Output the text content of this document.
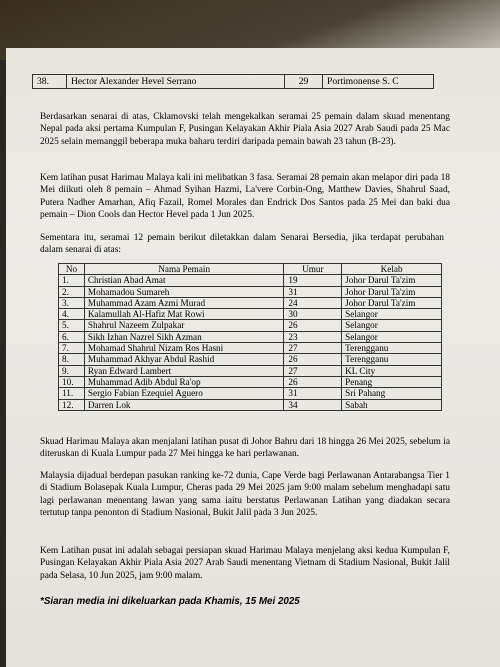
38.	Hector Alexander Hevel Serrano	29	Portimonense S. C

Berdasarkan senarai di atas, Cklamovski telah mengekalkan seramai 25 pemain dalam skuad menentang Nepal pada aksi pertama Kumpulan F, Pusingan Kelayakan Akhir Piala Asia 2027 Arab Saudi pada 25 Mac 2025 selain memanggil beberapa muka baharu terdiri daripada pemain bawah 23 tahun (B-23).

Kem latihan pusat Harimau Malaya kali ini melibatkan 3 fasa. Seramai 28 pemain akan melapor diri pada 18 Mei diikuti oleh 8 pemain – Ahmad Syihan Hazmi, La'vere Corbin-Ong, Matthew Davies, Shahrul Saad, Putera Nadher Amarhan, Afiq Fazail, Romel Morales dan Endrick Dos Santos pada 25 Mei dan baki dua pemain – Dion Cools dan Hector Hevel pada 1 Jun 2025.

Sementara itu, seramai 12 pemain berikut diletakkan dalam Senarai Bersedia, jika terdapat perubahan dalam senarai di atas:

No	Nama Pemain	Umur	Kelab
1.	Christian Abad Amat	19	Johor Darul Ta'zim
2.	Mohamadou Sumareh	31	Johor Darul Ta'zim
3.	Muhammad Azam Azmi Murad	24	Johor Darul Ta'zim
4.	Kalamullah Al-Hafiz Mat Rowi	30	Selangor
5.	Shahrul Nazeem Zulpakar	26	Selangor
6.	Sikh Izhan Nazrel Sikh Azman	23	Selangor
7.	Mohamad Shahrul Nizam Ros Hasni	27	Terengganu
8.	Muhammad Akhyar Abdul Rashid	26	Terengganu
9.	Ryan Edward Lambert	27	KL City
10.	Muhammad Adib Abdul Ra'op	26	Penang
11.	Sergio Fabian Ezequiel Aguero	31	Sri Pahang
12.	Darren Lok	34	Sabah

Skuad Harimau Malaya akan menjalani latihan pusat di Johor Bahru dari 18 hingga 26 Mei 2025, sebelum ia diteruskan di Kuala Lumpur pada 27 Mei hingga ke hari perlawanan.

Malaysia dijadual berdepan pasukan ranking ke-72 dunia, Cape Verde bagi Perlawanan Antarabangsa Tier 1 di Stadium Bolasepak Kuala Lumpur, Cheras pada 29 Mei 2025 jam 9:00 malam sebelum menghadapi satu lagi perlawanan menentang lawan yang sama iaitu berstatus Perlawanan Latihan yang diadakan secara tertutup tanpa penonton di Stadium Nasional, Bukit Jalil pada 3 Jun 2025.

Kem Latihan pusat ini adalah sebagai persiapan skuad Harimau Malaya menjelang aksi kedua Kumpulan F, Pusingan Kelayakan Akhir Piala Asia 2027 Arab Saudi menentang Vietnam di Stadium Nasional, Bukit Jalil pada Selasa, 10 Jun 2025, jam 9:00 malam.

*Siaran media ini dikeluarkan pada Khamis, 15 Mei 2025
